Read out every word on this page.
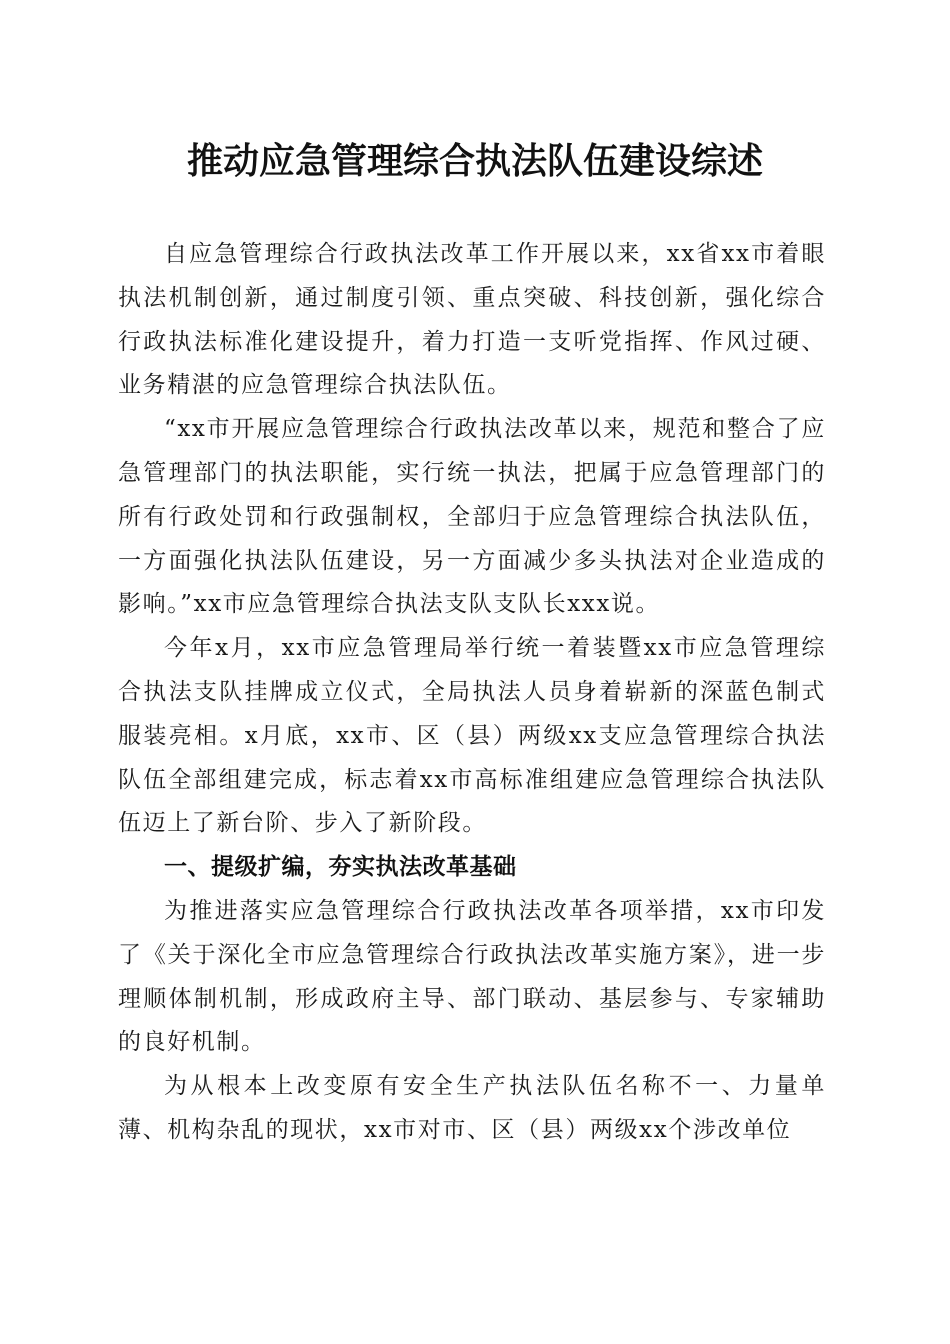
推动应急管理综合执法队伍建设综述

自应急管理综合行政执法改革工作开展以来，xx省xx市着眼执法机制创新，通过制度引领、重点突破、科技创新，强化综合行政执法标准化建设提升，着力打造一支听党指挥、作风过硬、业务精湛的应急管理综合执法队伍。

“xx市开展应急管理综合行政执法改革以来，规范和整合了应急管理部门的执法职能，实行统一执法，把属于应急管理部门的所有行政处罚和行政强制权，全部归于应急管理综合执法队伍，一方面强化执法队伍建设，另一方面减少多头执法对企业造成的影响。”xx市应急管理综合执法支队支队长xxx说。

今年x月，xx市应急管理局举行统一着装暨xx市应急管理综合执法支队挂牌成立仪式，全局执法人员身着崭新的深蓝色制式服装亮相。x月底，xx市、区（县）两级xx支应急管理综合执法队伍全部组建完成，标志着xx市高标准组建应急管理综合执法队伍迈上了新台阶、步入了新阶段。

一、提级扩编，夯实执法改革基础

为推进落实应急管理综合行政执法改革各项举措，xx市印发了《关于深化全市应急管理综合行政执法改革实施方案》，进一步理顺体制机制，形成政府主导、部门联动、基层参与、专家辅助的良好机制。

为从根本上改变原有安全生产执法队伍名称不一、力量单薄、机构杂乱的现状，xx市对市、区（县）两级xx个涉改单位
